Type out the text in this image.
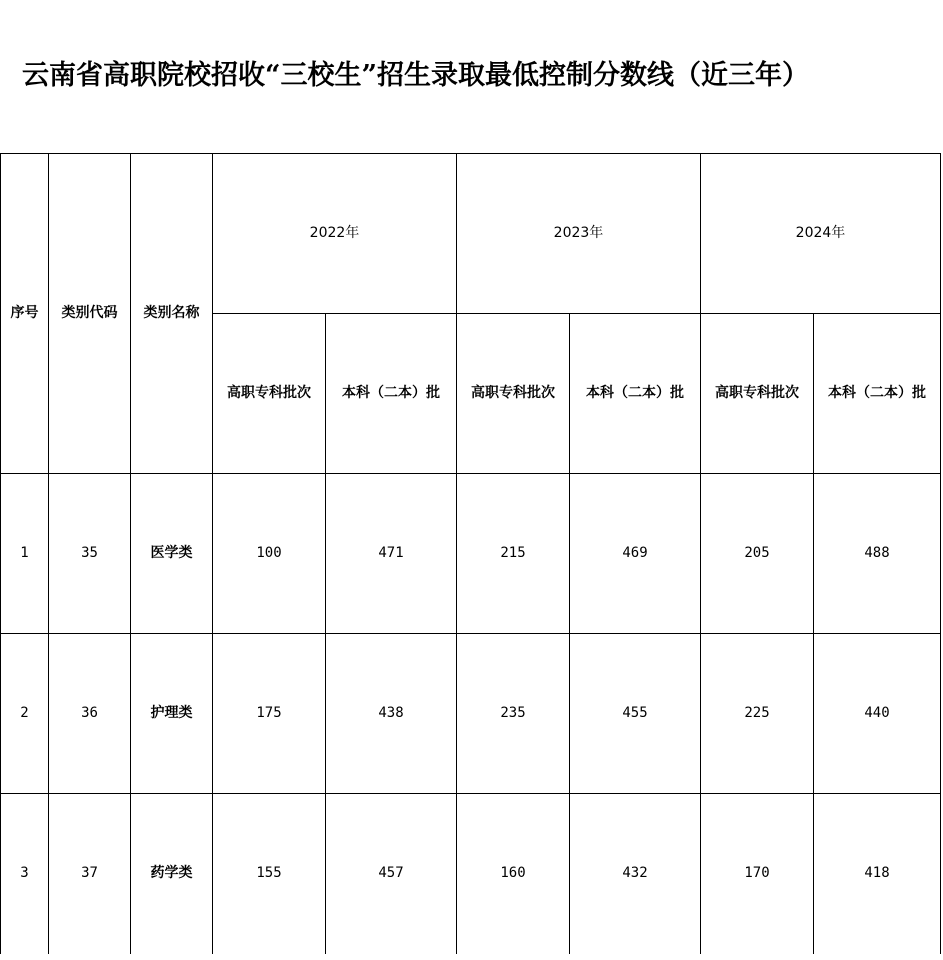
云南省高职院校招收“三校生”招生录取最低控制分数线（近三年）
序号	类别代码	类别名称	2022年		2023年		2024年	
			高职专科批次	本科（二本）批	高职专科批次	本科（二本）批	高职专科批次	本科（二本）批
1	35	医学类	100	471	215	469	205	488
2	36	护理类	175	438	235	455	225	440
3	37	药学类	155	457	160	432	170	418
